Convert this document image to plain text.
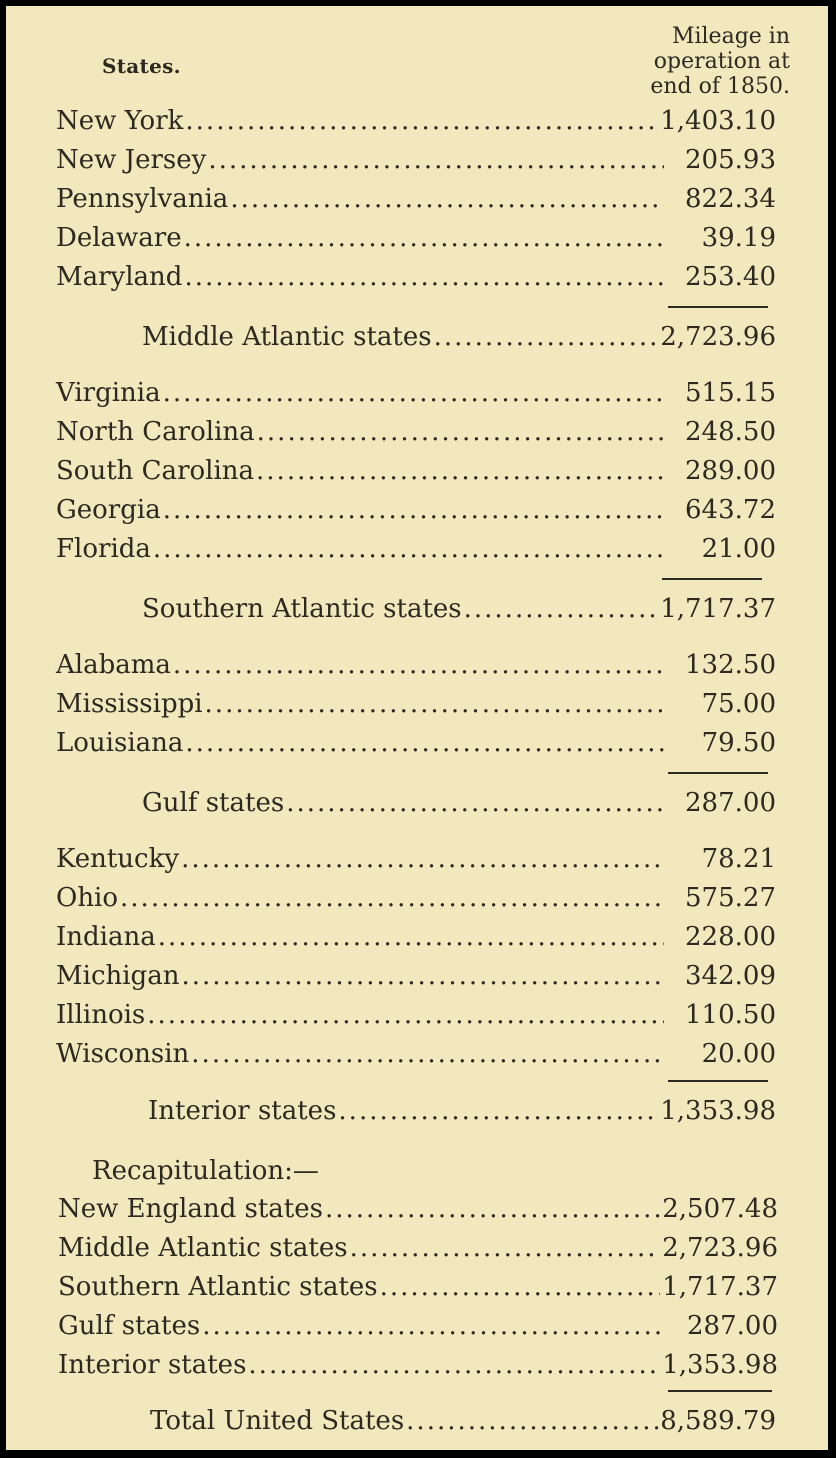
States.
Mileage in
operation at
end of 1850.
New York .....	1,403.10
New Jersey .....	205.93
Pennsylvania .....	822.34
Delaware .....	39.19
Maryland .....	253.40
Middle Atlantic states .....	2,723.96
Virginia .....	515.15
North Carolina .....	248.50
South Carolina .....	289.00
Georgia .....	643.72
Florida .....	21.00
Southern Atlantic states .....	1,717.37
Alabama .....	132.50
Mississippi .....	75.00
Louisiana .....	79.50
Gulf states .....	287.00
Kentucky .....	78.21
Ohio .....	575.27
Indiana .....	228.00
Michigan .....	342.09
Illinois .....	110.50
Wisconsin .....	20.00
Interior states .....	1,353.98
Recapitulation:—
New England states .....	2,507.48
Middle Atlantic states .....	2,723.96
Southern Atlantic states .....	1,717.37
Gulf states .....	287.00
Interior states .....	1,353.98
Total United States .....	8,589.79
